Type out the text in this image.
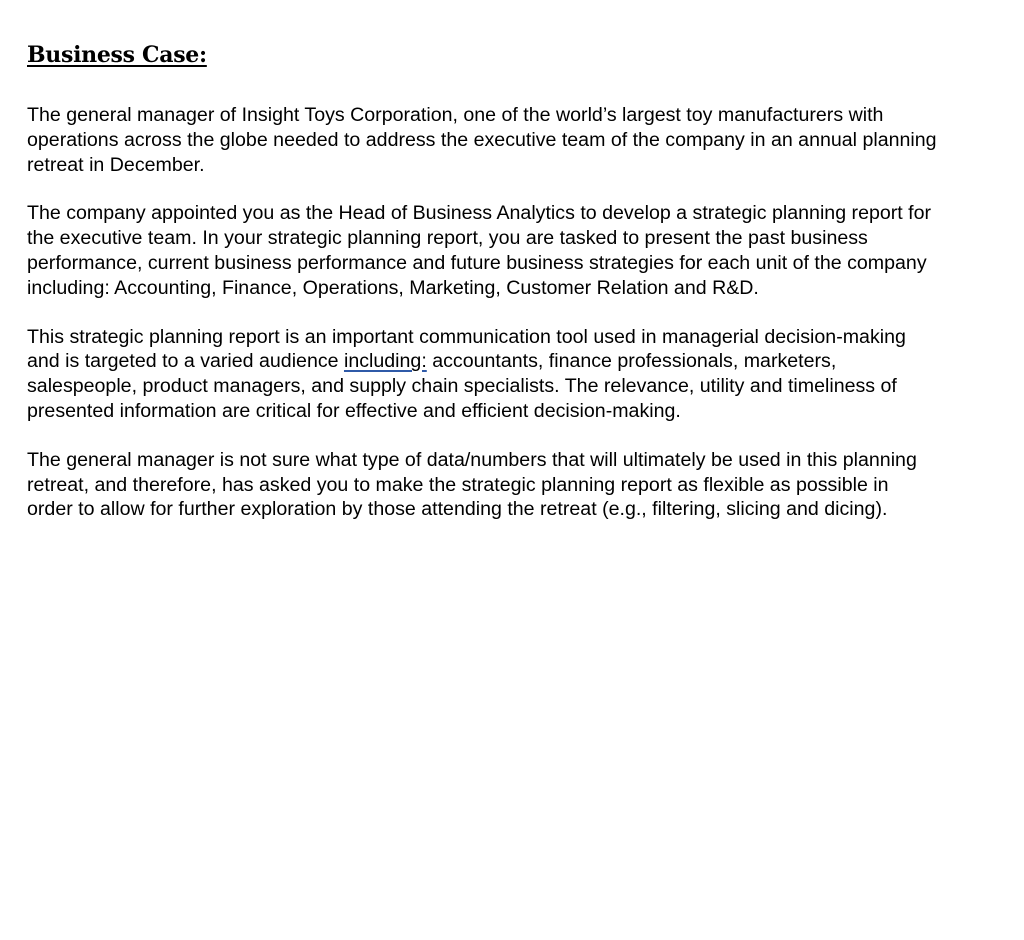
Business Case:

The general manager of Insight Toys Corporation, one of the world’s largest toy manufacturers with operations across the globe needed to address the executive team of the company in an annual planning retreat in December.

The company appointed you as the Head of Business Analytics to develop a strategic planning report for the executive team. In your strategic planning report, you are tasked to present the past business performance, current business performance and future business strategies for each unit of the company including: Accounting, Finance, Operations, Marketing, Customer Relation and R&D.

This strategic planning report is an important communication tool used in managerial decision-making and is targeted to a varied audience including: accountants, finance professionals, marketers, salespeople, product managers, and supply chain specialists. The relevance, utility and timeliness of presented information are critical for effective and efficient decision-making.

The general manager is not sure what type of data/numbers that will ultimately be used in this planning retreat, and therefore, has asked you to make the strategic planning report as flexible as possible in order to allow for further exploration by those attending the retreat (e.g., filtering, slicing and dicing).
